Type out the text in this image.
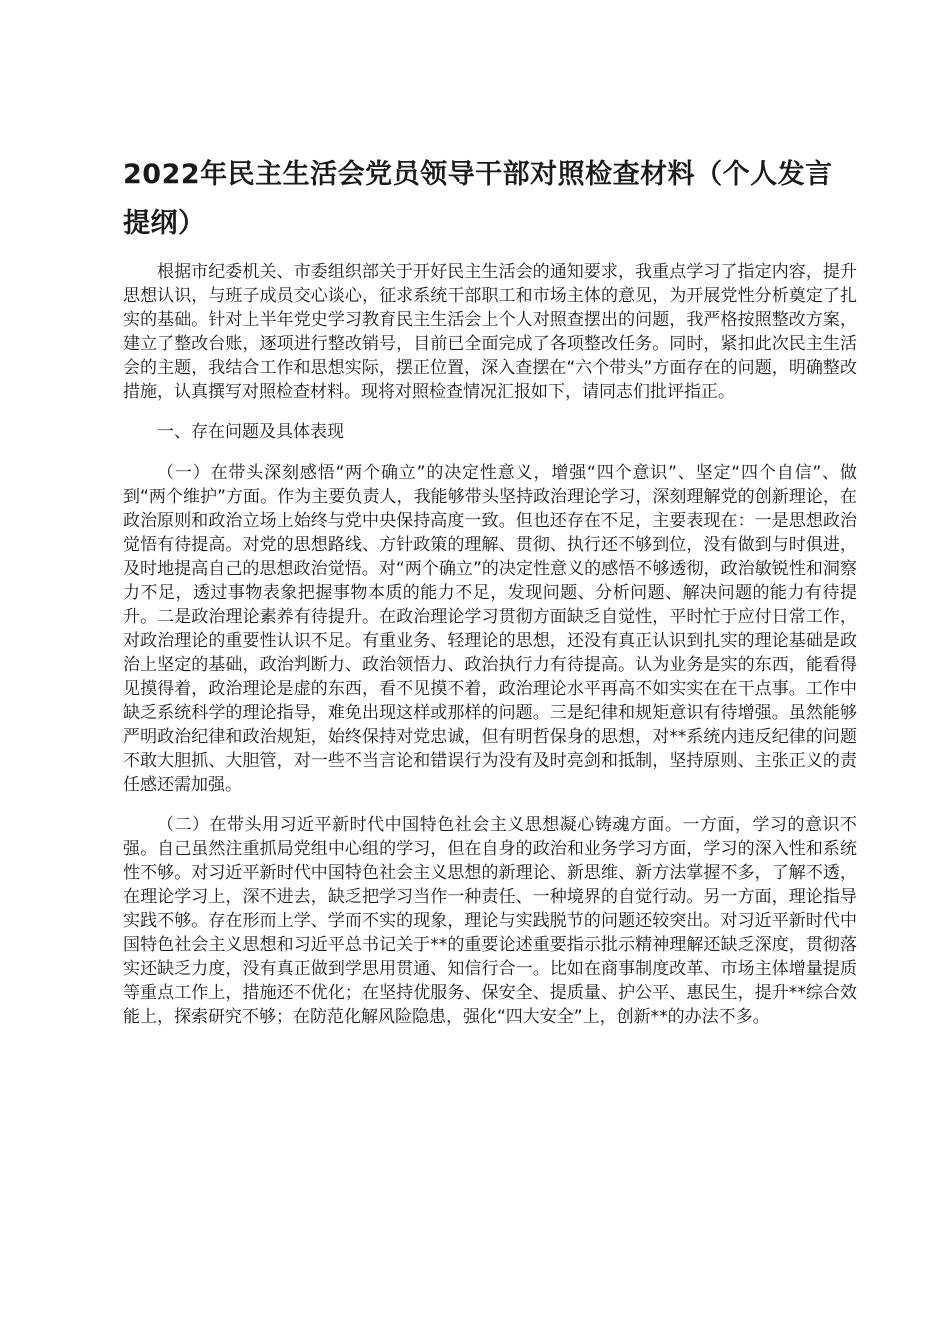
2022年民主生活会党员领导干部对照检查材料（个人发言提纲）

根据市纪委机关、市委组织部关于开好民主生活会的通知要求，我重点学习了指定内容，提升思想认识，与班子成员交心谈心，征求系统干部职工和市场主体的意见，为开展党性分析奠定了扎实的基础。针对上半年党史学习教育民主生活会上个人对照查摆出的问题，我严格按照整改方案，建立了整改台账，逐项进行整改销号，目前已全面完成了各项整改任务。同时，紧扣此次民主生活会的主题，我结合工作和思想实际，摆正位置，深入查摆在“六个带头”方面存在的问题，明确整改措施，认真撰写对照检查材料。现将对照检查情况汇报如下，请同志们批评指正。

一、存在问题及具体表现

（一）在带头深刻感悟“两个确立”的决定性意义，增强“四个意识”、坚定“四个自信”、做到“两个维护”方面。作为主要负责人，我能够带头坚持政治理论学习，深刻理解党的创新理论，在政治原则和政治立场上始终与党中央保持高度一致。但也还存在不足，主要表现在：一是思想政治觉悟有待提高。对党的思想路线、方针政策的理解、贯彻、执行还不够到位，没有做到与时俱进，及时地提高自己的思想政治觉悟。对“两个确立”的决定性意义的感悟不够透彻，政治敏锐性和洞察力不足，透过事物表象把握事物本质的能力不足，发现问题、分析问题、解决问题的能力有待提升。二是政治理论素养有待提升。在政治理论学习贯彻方面缺乏自觉性，平时忙于应付日常工作，对政治理论的重要性认识不足。有重业务、轻理论的思想，还没有真正认识到扎实的理论基础是政治上坚定的基础，政治判断力、政治领悟力、政治执行力有待提高。认为业务是实的东西，能看得见摸得着，政治理论是虚的东西，看不见摸不着，政治理论水平再高不如实实在在干点事。工作中缺乏系统科学的理论指导，难免出现这样或那样的问题。三是纪律和规矩意识有待增强。虽然能够严明政治纪律和政治规矩，始终保持对党忠诚，但有明哲保身的思想，对**系统内违反纪律的问题不敢大胆抓、大胆管，对一些不当言论和错误行为没有及时亮剑和抵制，坚持原则、主张正义的责任感还需加强。

（二）在带头用习近平新时代中国特色社会主义思想凝心铸魂方面。一方面，学习的意识不强。自己虽然注重抓局党组中心组的学习，但在自身的政治和业务学习方面，学习的深入性和系统性不够。对习近平新时代中国特色社会主义思想的新理论、新思维、新方法掌握不多，了解不透，在理论学习上，深不进去，缺乏把学习当作一种责任、一种境界的自觉行动。另一方面，理论指导实践不够。存在形而上学、学而不实的现象，理论与实践脱节的问题还较突出。对习近平新时代中国特色社会主义思想和习近平总书记关于**的重要论述重要指示批示精神理解还缺乏深度，贯彻落实还缺乏力度，没有真正做到学思用贯通、知信行合一。比如在商事制度改革、市场主体增量提质等重点工作上，措施还不优化；在坚持优服务、保安全、提质量、护公平、惠民生，提升**综合效能上，探索研究不够；在防范化解风险隐患，强化“四大安全”上，创新**的办法不多。
